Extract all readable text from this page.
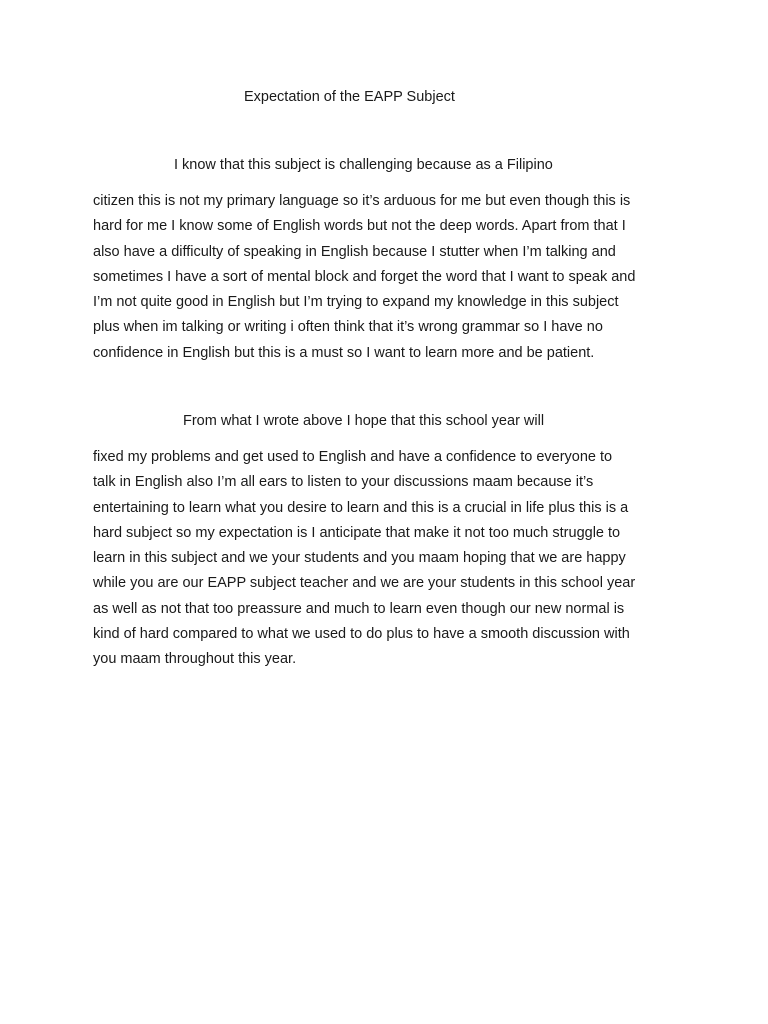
Expectation of the EAPP Subject
I know that this subject is challenging because as a Filipino
citizen this is not my primary language so it’s arduous for me but even though this is
hard for me I know some of English words but not the deep words. Apart from that I
also have a difficulty of speaking in English because I stutter when I’m talking and
sometimes I have a sort of mental block and forget the word that I want to speak and
I’m not quite good in English but I’m trying to expand my knowledge in this subject
plus when im talking or writing i often think that it’s wrong grammar so I have no
confidence in English but this is a must so I want to learn more and be patient.
From what I wrote above I hope that this school year will
fixed my problems and get used to English and have a confidence to everyone to
talk in English also I’m all ears to listen to your discussions maam because it’s
entertaining to learn what you desire to learn and this is a crucial in life plus this is a
hard subject so my expectation is I anticipate that make it not too much struggle to
learn in this subject and we your students and you maam hoping that we are happy
while you are our EAPP subject teacher and we are your students in this school year
as well as not that too preassure and much to learn even though our new normal is
kind of hard compared to what we used to do plus to have a smooth discussion with
you maam throughout this year.
